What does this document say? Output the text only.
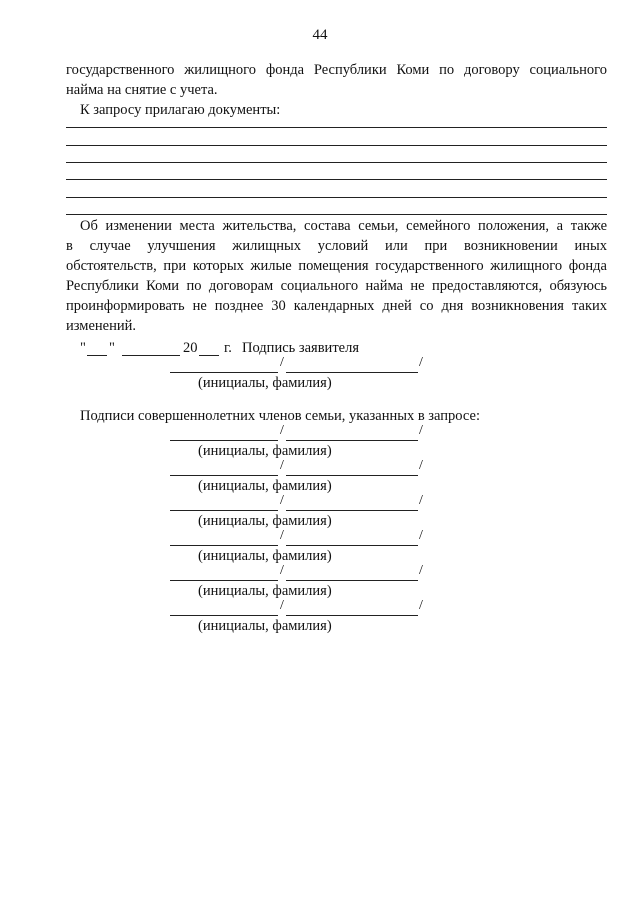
44
государственного жилищного фонда Республики Коми по договору социального
найма на снятие с учета.
К запросу прилагаю документы:
Об изменении места жительства, состава семьи, семейного положения, а также
в случае улучшения жилищных условий или при возникновении иных
обстоятельств, при которых жилые помещения государственного жилищного фонда
Республики Коми по договорам социального найма не предоставляются, обязуюсь
проинформировать не позднее 30 календарных дней со дня возникновения таких
изменений.
" "	20 г. Подпись заявителя
/	/
(инициалы, фамилия)
Подписи совершеннолетних членов семьи, указанных в запросе:
/	/
(инициалы, фамилия)
/	/
(инициалы, фамилия)
/	/
(инициалы, фамилия)
/	/
(инициалы, фамилия)
/	/
(инициалы, фамилия)
/	/
(инициалы, фамилия)
